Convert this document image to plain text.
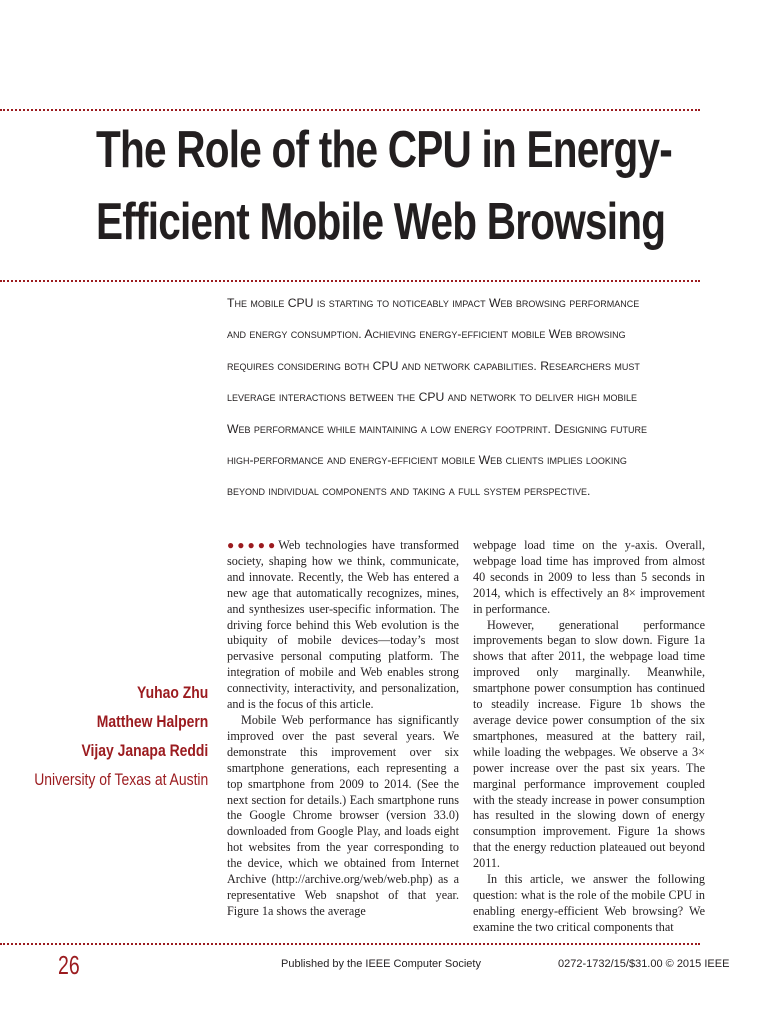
The Role of the CPU in Energy-
Efficient Mobile Web Browsing
The mobile CPU is starting to noticeably impact Web browsing performance
and energy consumption. Achieving energy-efficient mobile Web browsing
requires considering both CPU and network capabilities. Researchers must
leverage interactions between the CPU and network to deliver high mobile
Web performance while maintaining a low energy footprint. Designing future
high-performance and energy-efficient mobile Web clients implies looking
beyond individual components and taking a full system perspective.
Yuhao Zhu
Matthew Halpern
Vijay Janapa Reddi
University of Texas at Austin

●●●●●Web technologies have transformed society, shaping how we think, communicate, and innovate. Recently, the Web has entered a new age that automatically recognizes, mines, and synthesizes user-specific information. The driving force behind this Web evolution is the ubiquity of mobile devices—today’s most pervasive personal computing platform. The integration of mobile and Web enables strong connectivity, interactivity, and personalization, and is the focus of this article.

Mobile Web performance has significantly improved over the past several years. We demonstrate this improvement over six smartphone generations, each representing a top smartphone from 2009 to 2014. (See the next section for details.) Each smartphone runs the Google Chrome browser (version 33.0) downloaded from Google Play, and loads eight hot websites from the year corresponding to the device, which we obtained from Internet Archive (http://archive.org/web/web.php) as a representative Web snapshot of that year. Figure 1a shows the average

webpage load time on the y-axis. Overall, webpage load time has improved from almost 40 seconds in 2009 to less than 5 seconds in 2014, which is effectively an 8× improvement in performance.

However, generational performance improvements began to slow down. Figure 1a shows that after 2011, the webpage load time improved only marginally. Meanwhile, smartphone power consumption has continued to steadily increase. Figure 1b shows the average device power consumption of the six smartphones, measured at the battery rail, while loading the webpages. We observe a 3× power increase over the past six years. The marginal performance improvement coupled with the steady increase in power consumption has resulted in the slowing down of energy consumption improvement. Figure 1a shows that the energy reduction plateaued out beyond 2011.

In this article, we answer the following question: what is the role of the mobile CPU in enabling energy-efficient Web browsing? We examine the two critical components that

26	Published by the IEEE Computer Society	0272-1732/15/$31.00 © 2015 IEEE
